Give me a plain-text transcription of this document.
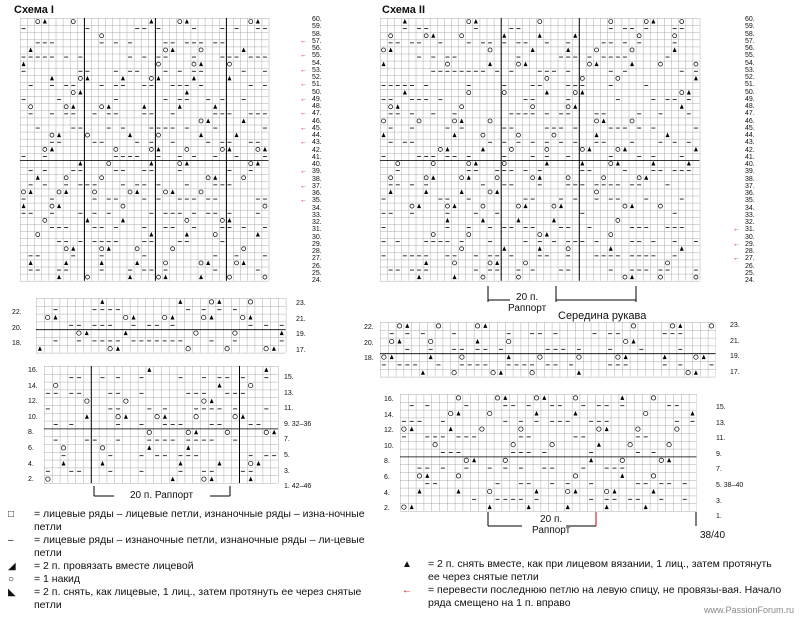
Схема I	Схема II
60.
59.
58.
57.
←
56.
55.
←
54.
53.
←
52.
51.
←
50.
49.
←
48.
47.
←
46.
45.
←
44.
43.
←
42.
41.
40.
39.
←
38.
37.
←
36.
35.
←
34.
33.
32.
31.
30.
29.
28.
27.
26.
25.
24.
22.
20.
18.
23.
21.
19.
17.
16.
14.
12.
10.
8.
6.
4.
2.
15.
13.
11.
9. 32–36
7.
5.
3.
1. 42–46
60.
59.
58.
57.
56.
55.
54.
53.
52.
51.
50.
49.
48.
47.
46.
45.
44.
43.
42.
41.
40.
39.
38.
37.
36.
35.
34.
33.
32.
31.
←
30.
29.
←
28.
27.
←
26.
25.
24.
22.
20.
18.
23.
21.
19.
17.
16.
14.
12.
10.
8.
6.
4.
2.
15.
13.
11.
9.
7.
5. 38–40
3.
1.
20 п. Раппорт
20 п.
Раппорт
Середина рукава
20 п.
Раппорт	38/40
□	= лицевые ряды – лицевые петли, изнаночные ряды – изна-ночные петли
–	= лицевые ряды – изнаночные петли, изнаночные ряды – ли-цевые петли
◢	= 2 п. провязать вместе лицевой
○	= 1 накид
◣	= 2 п. снять, как лицевые, 1 лиц., затем протянуть ее через снятые петли
▲	= 2 п. снять вместе, как при лицевом вязании, 1 лиц., затем протянуть ее через снятые петли
←	= перевести последнюю петлю на левую спицу, не провязы-вая. Начало ряда смещено на 1 п. вправо
www.PassionForum.ru
